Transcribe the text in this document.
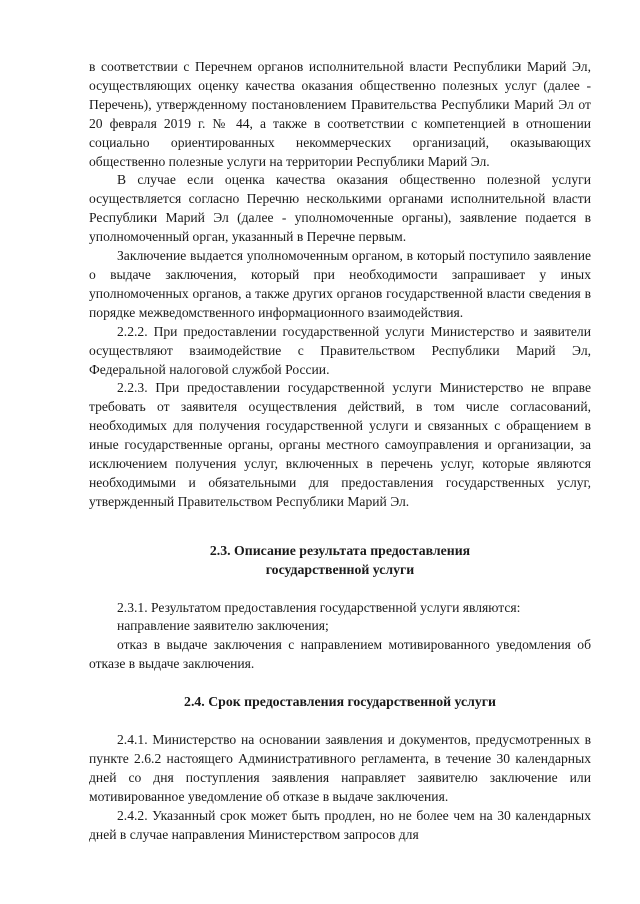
в соответствии с Перечнем органов исполнительной власти Республики Марий Эл, осуществляющих оценку качества оказания общественно полезных услуг (далее - Перечень), утвержденному постановлением Правительства Республики Марий Эл от 20 февраля 2019 г. № 44, а также в соответствии с компетенцией в отношении социально ориентированных некоммерческих организаций, оказывающих общественно полезные услуги на территории Республики Марий Эл.

В случае если оценка качества оказания общественно полезной услуги осуществляется согласно Перечню несколькими органами исполнительной власти Республики Марий Эл (далее - уполномоченные органы), заявление подается в уполномоченный орган, указанный в Перечне первым.

Заключение выдается уполномоченным органом, в который поступило заявление о выдаче заключения, который при необходимости запрашивает у иных уполномоченных органов, а также других органов государственной власти сведения в порядке межведомственного информационного взаимодействия.

2.2.2. При предоставлении государственной услуги Министерство и заявители осуществляют взаимодействие с Правительством Республики Марий Эл, Федеральной налоговой службой России.

2.2.3. При предоставлении государственной услуги Министерство не вправе требовать от заявителя осуществления действий, в том числе согласований, необходимых для получения государственной услуги и связанных с обращением в иные государственные органы, органы местного самоуправления и организации, за исключением получения услуг, включенных в перечень услуг, которые являются необходимыми и обязательными для предоставления государственных услуг, утвержденный Правительством Республики Марий Эл.

2.3. Описание результата предоставления

государственной услуги

2.3.1. Результатом предоставления государственной услуги являются:

направление заявителю заключения;

отказ в выдаче заключения с направлением мотивированного уведомления об отказе в выдаче заключения.

2.4. Срок предоставления государственной услуги

2.4.1. Министерство на основании заявления и документов, предусмотренных в пункте 2.6.2 настоящего Административного регламента, в течение 30 календарных дней со дня поступления заявления направляет заявителю заключение или мотивированное уведомление об отказе в выдаче заключения.

2.4.2. Указанный срок может быть продлен, но не более чем на 30 календарных дней в случае направления Министерством запросов для
